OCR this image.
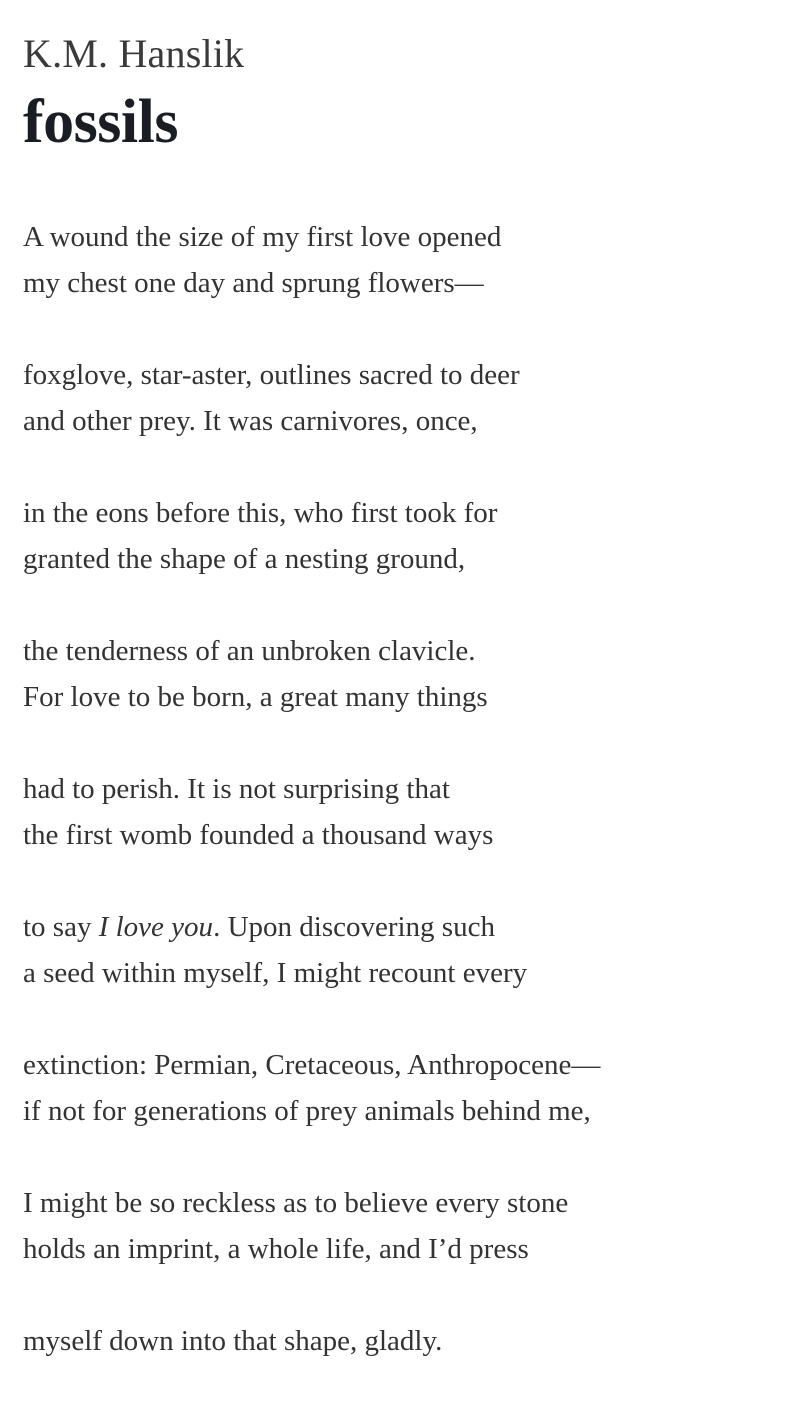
K.M. Hanslik
fossils
A wound the size of my first love opened
my chest one day and sprung flowers—
foxglove, star-aster, outlines sacred to deer
and other prey. It was carnivores, once,
in the eons before this, who first took for
granted the shape of a nesting ground,
the tenderness of an unbroken clavicle.
For love to be born, a great many things
had to perish. It is not surprising that
the first womb founded a thousand ways
to say I love you. Upon discovering such
a seed within myself, I might recount every
extinction: Permian, Cretaceous, Anthropocene—
if not for generations of prey animals behind me,
I might be so reckless as to believe every stone
holds an imprint, a whole life, and I’d press
myself down into that shape, gladly.
